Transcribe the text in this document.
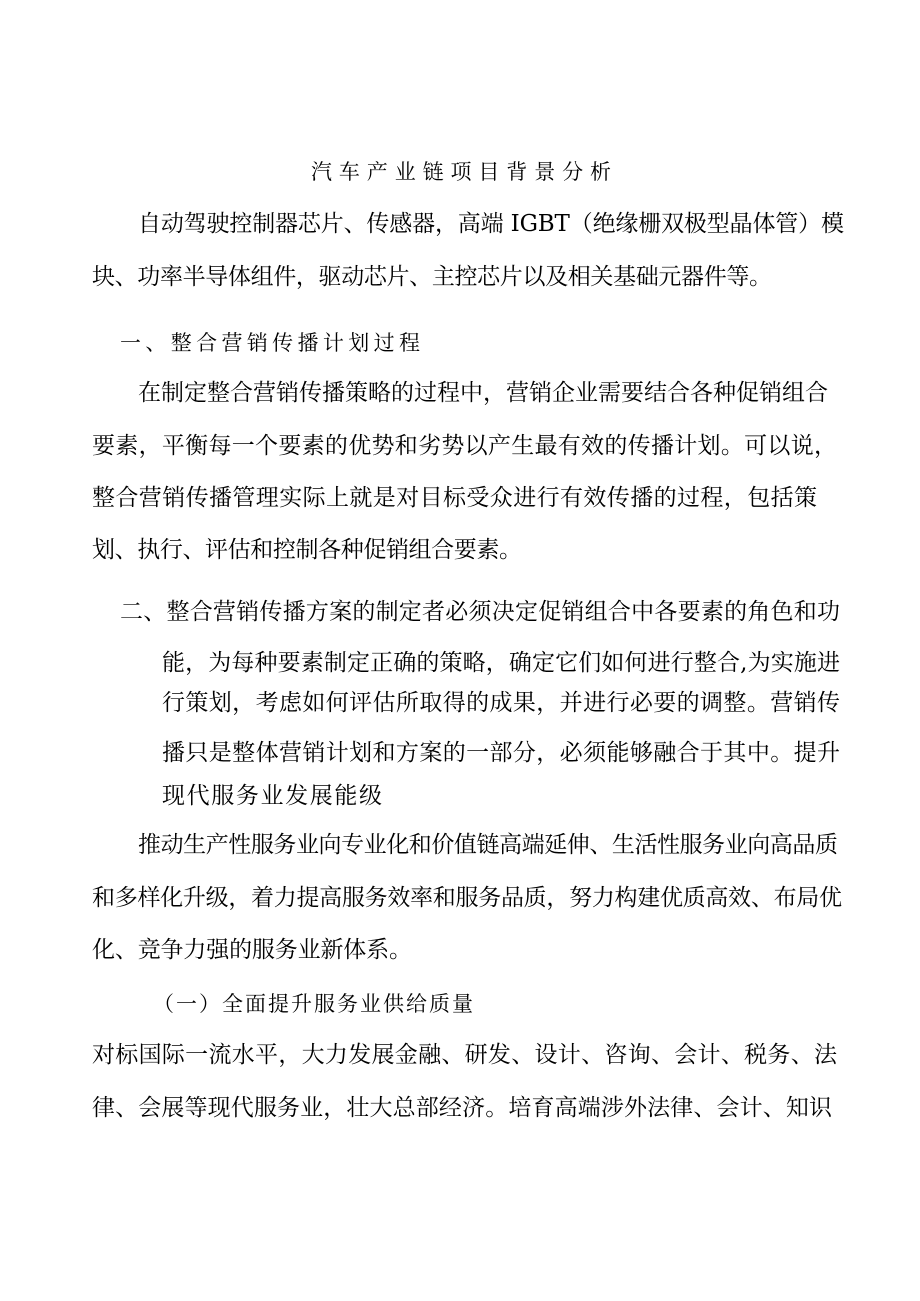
汽车产业链项目背景分析
自动驾驶控制器芯片、传感器，高端 IGBT（绝缘栅双极型晶体管）模
块、功率半导体组件，驱动芯片、主控芯片以及相关基础元器件等。
一、整合营销传播计划过程
在制定整合营销传播策略的过程中，营销企业需要结合各种促销组合
要素，平衡每一个要素的优势和劣势以产生最有效的传播计划。可以说，
整合营销传播管理实际上就是对目标受众进行有效传播的过程，包括策
划、执行、评估和控制各种促销组合要素。
二、整合营销传播方案的制定者必须决定促销组合中各要素的角色和功
能，为每种要素制定正确的策略，确定它们如何进行整合,为实施进
行策划，考虑如何评估所取得的成果，并进行必要的调整。营销传
播只是整体营销计划和方案的一部分，必须能够融合于其中。提升
现代服务业发展能级
推动生产性服务业向专业化和价值链高端延伸、生活性服务业向高品质
和多样化升级，着力提高服务效率和服务品质，努力构建优质高效、布局优
化、竞争力强的服务业新体系。
（一）全面提升服务业供给质量
对标国际一流水平，大力发展金融、研发、设计、咨询、会计、税务、法
律、会展等现代服务业，壮大总部经济。培育高端涉外法律、会计、知识
